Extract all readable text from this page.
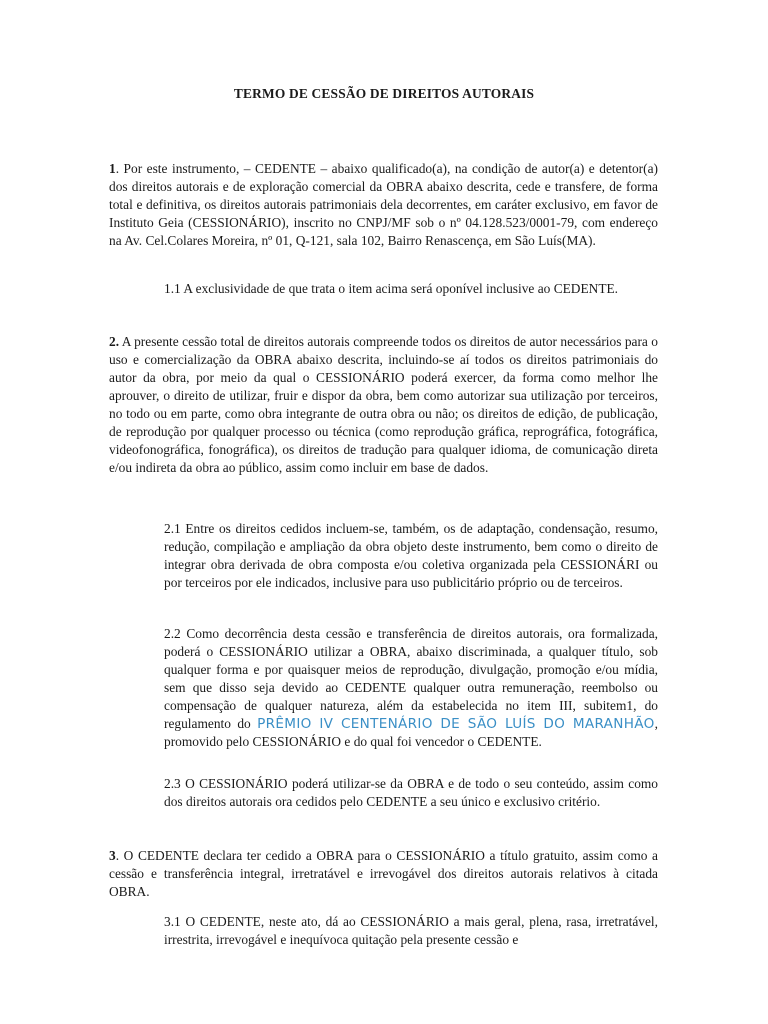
TERMO DE CESSÃO DE DIREITOS AUTORAIS

1. Por este instrumento, – CEDENTE – abaixo qualificado(a), na condição de autor(a) e detentor(a) dos direitos autorais e de exploração comercial da OBRA abaixo descrita, cede e transfere, de forma total e definitiva, os direitos autorais patrimoniais dela decorrentes, em caráter exclusivo, em favor de Instituto Geia (CESSIONÁRIO), inscrito no CNPJ/MF sob o nº 04.128.523/0001-79, com endereço na Av. Cel.Colares Moreira, nº 01, Q-121, sala 102, Bairro Renascença, em São Luís(MA).

1.1 A exclusividade de que trata o item acima será oponível inclusive ao CEDENTE.

2. A presente cessão total de direitos autorais compreende todos os direitos de autor necessários para o uso e comercialização da OBRA abaixo descrita, incluindo-se aí todos os direitos patrimoniais do autor da obra, por meio da qual o CESSIONÁRIO poderá exercer, da forma como melhor lhe aprouver, o direito de utilizar, fruir e dispor da obra, bem como autorizar sua utilização por terceiros, no todo ou em parte, como obra integrante de outra obra ou não; os direitos de edição, de publicação, de reprodução por qualquer processo ou técnica (como reprodução gráfica, reprográfica, fotográfica, videofonográfica, fonográfica), os direitos de tradução para qualquer idioma, de comunicação direta e/ou indireta da obra ao público, assim como incluir em base de dados.

2.1 Entre os direitos cedidos incluem-se, também, os de adaptação, condensação, resumo, redução, compilação e ampliação da obra objeto deste instrumento, bem como o direito de integrar obra derivada de obra composta e/ou coletiva organizada pela CESSIONÁRI ou por terceiros por ele indicados, inclusive para uso publicitário próprio ou de terceiros.

2.2 Como decorrência desta cessão e transferência de direitos autorais, ora formalizada, poderá o CESSIONÁRIO utilizar a OBRA, abaixo discriminada, a qualquer título, sob qualquer forma e por quaisquer meios de reprodução, divulgação, promoção e/ou mídia, sem que disso seja devido ao CEDENTE qualquer outra remuneração, reembolso ou compensação de qualquer natureza, além da estabelecida no item III, subitem1, do regulamento do PRÊMIO IV CENTENÁRIO DE SÃO LUÍS DO MARANHÃO, promovido pelo CESSIONÁRIO e do qual foi vencedor o CEDENTE.

2.3 O CESSIONÁRIO poderá utilizar-se da OBRA e de todo o seu conteúdo, assim como dos direitos autorais ora cedidos pelo CEDENTE a seu único e exclusivo critério.

3. O CEDENTE declara ter cedido a OBRA para o CESSIONÁRIO a título gratuito, assim como a cessão e transferência integral, irretratável e irrevogável dos direitos autorais relativos à citada OBRA.

3.1 O CEDENTE, neste ato, dá ao CESSIONÁRIO a mais geral, plena, rasa, irretratável, irrestrita, irrevogável e inequívoca quitação pela presente cessão e
